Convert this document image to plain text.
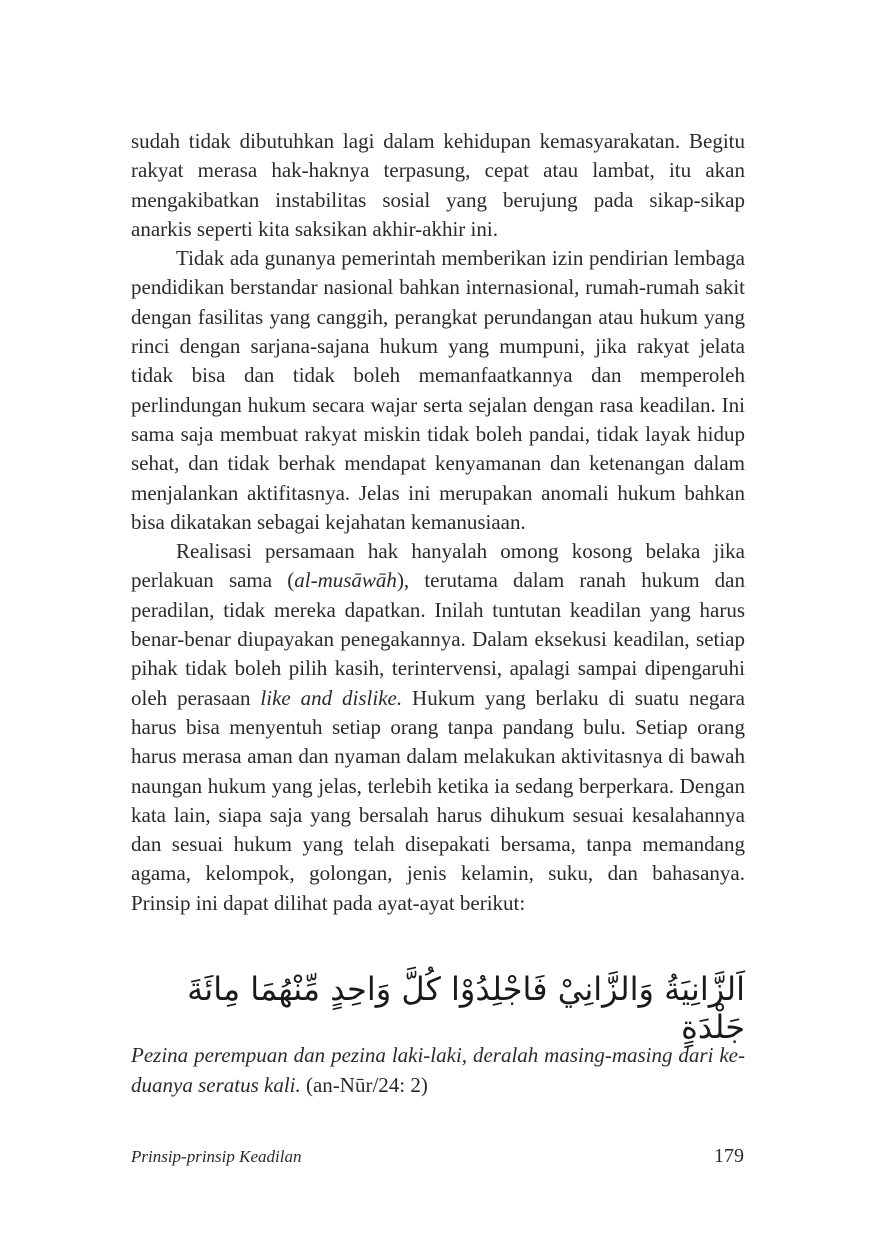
sudah tidak dibutuhkan lagi dalam kehidupan kemasyarakatan. Begitu rakyat merasa hak-haknya terpasung, cepat atau lambat, itu akan mengakibatkan instabilitas sosial yang berujung pada sikap-sikap anarkis seperti kita saksikan akhir-akhir ini.

Tidak ada gunanya pemerintah memberikan izin pendirian lembaga pendidikan berstandar nasional bahkan internasional, rumah-rumah sakit dengan fasilitas yang canggih, perangkat perundangan atau hukum yang rinci dengan sarjana-sajana hukum yang mumpuni, jika rakyat jelata tidak bisa dan tidak boleh memanfaatkannya dan memperoleh perlindungan hukum secara wajar serta sejalan dengan rasa keadilan. Ini sama saja membuat rakyat miskin tidak boleh pandai, tidak layak hidup sehat, dan tidak berhak mendapat kenyamanan dan ketenangan dalam menjalankan aktifitasnya. Jelas ini merupakan anomali hukum bahkan bisa dikatakan sebagai kejahatan kemanusiaan.

Realisasi persamaan hak hanyalah omong kosong belaka jika perlakuan sama (al-musāwāh), terutama dalam ranah hukum dan peradilan, tidak mereka dapatkan. Inilah tuntutan keadilan yang harus benar-benar diupayakan penegakannya. Dalam eksekusi keadilan, setiap pihak tidak boleh pilih kasih, terintervensi, apalagi sampai dipengaruhi oleh perasaan like and dislike. Hukum yang berlaku di suatu negara harus bisa menyentuh setiap orang tanpa pandang bulu. Setiap orang harus merasa aman dan nyaman dalam melakukan aktivitasnya di bawah naungan hukum yang jelas, terlebih ketika ia sedang berperkara. Dengan kata lain, siapa saja yang bersalah harus dihukum sesuai kesalahannya dan sesuai hukum yang telah disepakati bersama, tanpa memandang agama, kelompok, golongan, jenis kelamin, suku, dan bahasanya. Prinsip ini dapat dilihat pada ayat-ayat berikut:

اَلزَّانِيَةُ وَالزَّانِيْ فَاجْلِدُوْا كُلَّ وَاحِدٍ مِّنْهُمَا مِائَةَ جَلْدَةٍ
Pezina perempuan dan pezina laki-laki, deralah masing-masing dari keduanya seratus kali. (an-Nūr/24: 2)
Prinsip-prinsip Keadilan	179
